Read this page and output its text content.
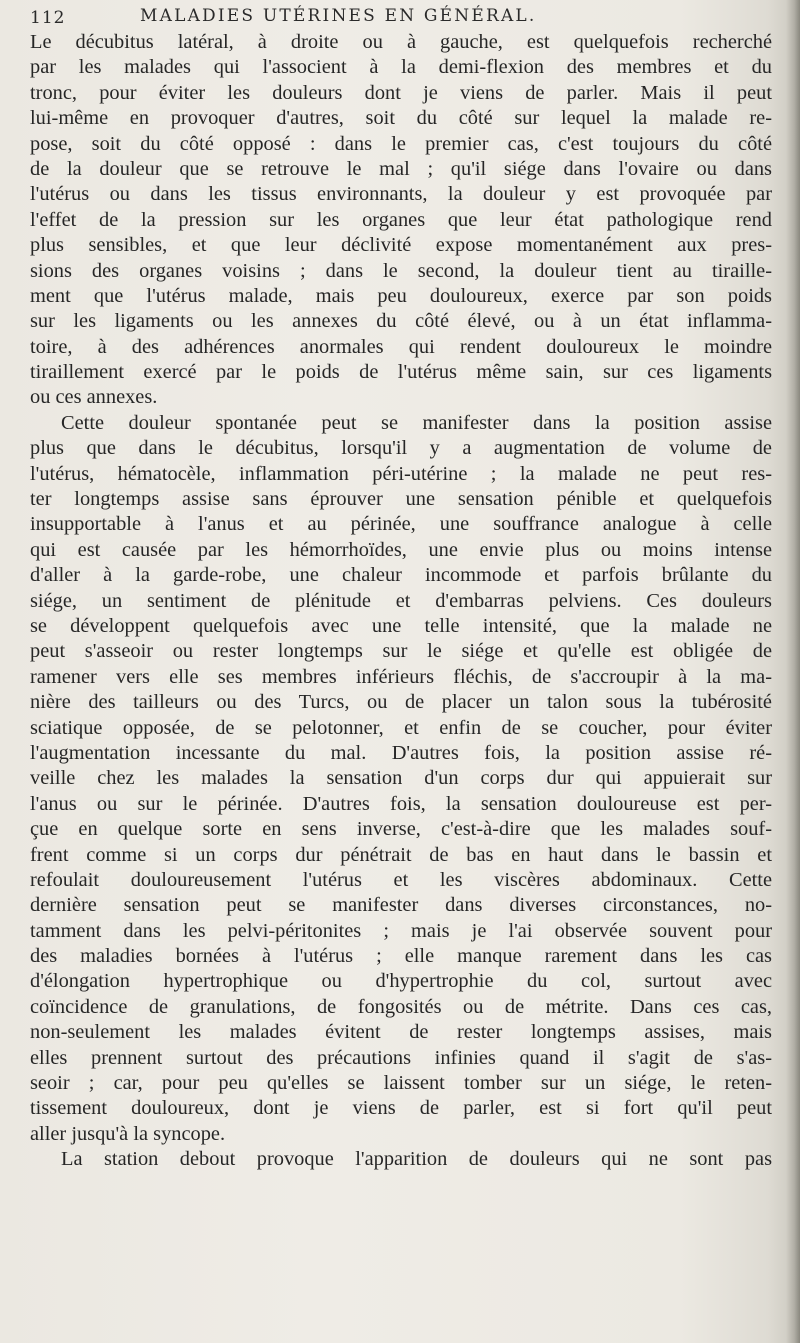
112	MALADIES UTÉRINES EN GÉNÉRAL.
Le décubitus latéral, à droite ou à gauche, est quelquefois recherché
par les malades qui l'associent à la demi-flexion des membres et du
tronc, pour éviter les douleurs dont je viens de parler. Mais il peut
lui-même en provoquer d'autres, soit du côté sur lequel la malade re-
pose, soit du côté opposé : dans le premier cas, c'est toujours du côté
de la douleur que se retrouve le mal ; qu'il siége dans l'ovaire ou dans
l'utérus ou dans les tissus environnants, la douleur y est provoquée par
l'effet de la pression sur les organes que leur état pathologique rend
plus sensibles, et que leur déclivité expose momentanément aux pres-
sions des organes voisins ; dans le second, la douleur tient au tiraille-
ment que l'utérus malade, mais peu douloureux, exerce par son poids
sur les ligaments ou les annexes du côté élevé, ou à un état inflamma-
toire, à des adhérences anormales qui rendent douloureux le moindre
tiraillement exercé par le poids de l'utérus même sain, sur ces ligaments
ou ces annexes.
Cette douleur spontanée peut se manifester dans la position assise
plus que dans le décubitus, lorsqu'il y a augmentation de volume de
l'utérus, hématocèle, inflammation péri-utérine ; la malade ne peut res-
ter longtemps assise sans éprouver une sensation pénible et quelquefois
insupportable à l'anus et au périnée, une souffrance analogue à celle
qui est causée par les hémorrhoïdes, une envie plus ou moins intense
d'aller à la garde-robe, une chaleur incommode et parfois brûlante du
siége, un sentiment de plénitude et d'embarras pelviens. Ces douleurs
se développent quelquefois avec une telle intensité, que la malade ne
peut s'asseoir ou rester longtemps sur le siége et qu'elle est obligée de
ramener vers elle ses membres inférieurs fléchis, de s'accroupir à la ma-
nière des tailleurs ou des Turcs, ou de placer un talon sous la tubérosité
sciatique opposée, de se pelotonner, et enfin de se coucher, pour éviter
l'augmentation incessante du mal. D'autres fois, la position assise ré-
veille chez les malades la sensation d'un corps dur qui appuierait sur
l'anus ou sur le périnée. D'autres fois, la sensation douloureuse est per-
çue en quelque sorte en sens inverse, c'est-à-dire que les malades souf-
frent comme si un corps dur pénétrait de bas en haut dans le bassin et
refoulait douloureusement l'utérus et les viscères abdominaux. Cette
dernière sensation peut se manifester dans diverses circonstances, no-
tamment dans les pelvi-péritonites ; mais je l'ai observée souvent pour
des maladies bornées à l'utérus ; elle manque rarement dans les cas
d'élongation hypertrophique ou d'hypertrophie du col, surtout avec
coïncidence de granulations, de fongosités ou de métrite. Dans ces cas,
non-seulement les malades évitent de rester longtemps assises, mais
elles prennent surtout des précautions infinies quand il s'agit de s'as-
seoir ; car, pour peu qu'elles se laissent tomber sur un siége, le reten-
tissement douloureux, dont je viens de parler, est si fort qu'il peut
aller jusqu'à la syncope.
La station debout provoque l'apparition de douleurs qui ne sont pas
